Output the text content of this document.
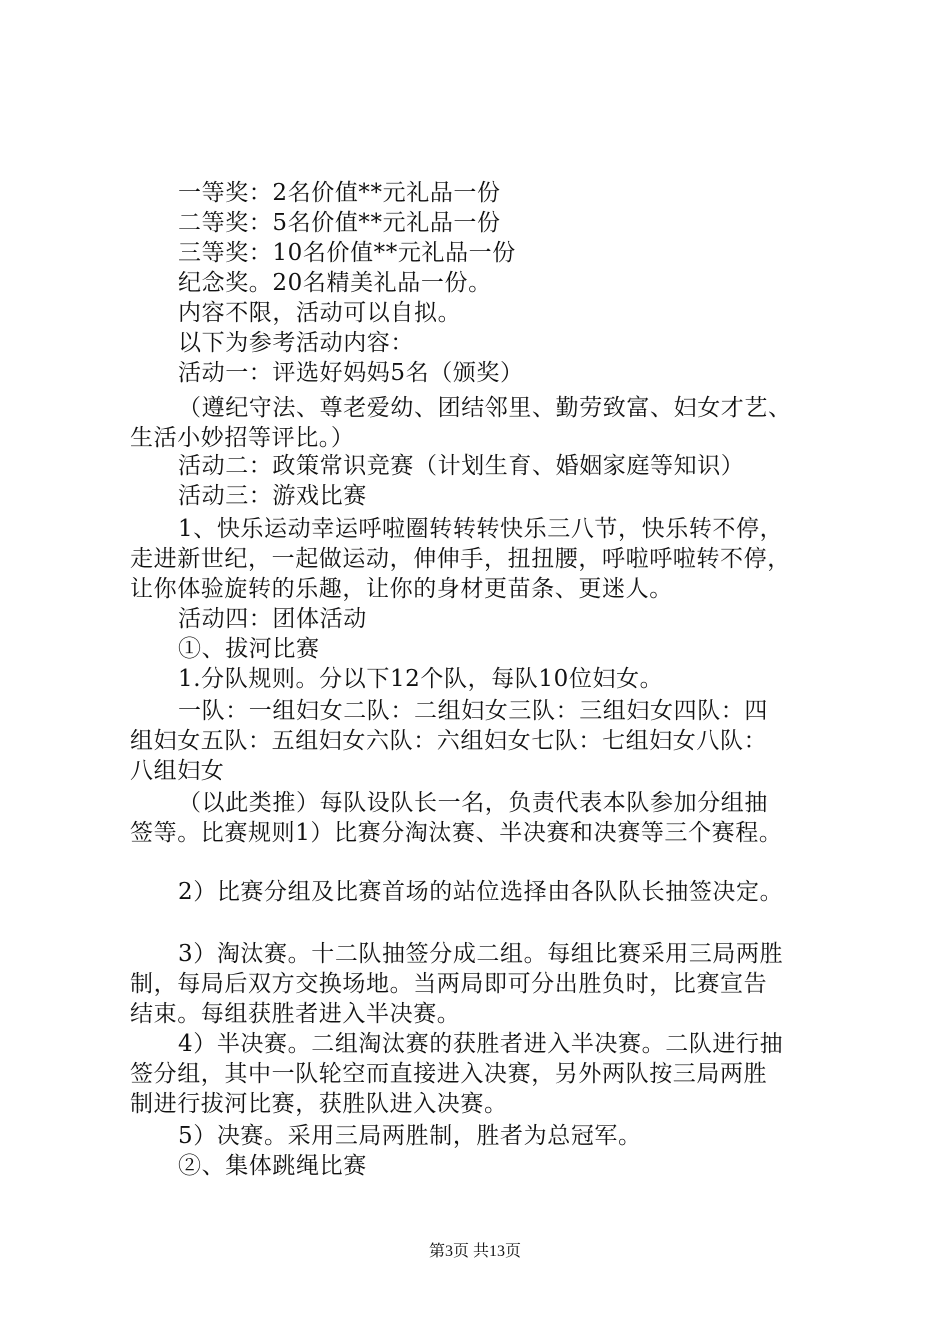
一等奖：2名价值**元礼品一份
二等奖：5名价值**元礼品一份
三等奖：10名价值**元礼品一份
纪念奖。20名精美礼品一份。
内容不限，活动可以自拟。
以下为参考活动内容：
活动一：评选好妈妈5名（颁奖）
（遵纪守法、尊老爱幼、团结邻里、勤劳致富、妇女才艺、
生活小妙招等评比。）
活动二：政策常识竞赛（计划生育、婚姻家庭等知识）
活动三：游戏比赛
1、快乐运动幸运呼啦圈转转转快乐三八节，快乐转不停，
走进新世纪，一起做运动，伸伸手，扭扭腰，呼啦呼啦转不停，
让你体验旋转的乐趣，让你的身材更苗条、更迷人。
活动四：团体活动
①、拔河比赛
1.分队规则。分以下12个队，每队10位妇女。
一队：一组妇女二队：二组妇女三队：三组妇女四队：四
组妇女五队：五组妇女六队：六组妇女七队：七组妇女八队：
八组妇女
（以此类推）每队设队长一名，负责代表本队参加分组抽
签等。比赛规则1）比赛分淘汰赛、半决赛和决赛等三个赛程。
2）比赛分组及比赛首场的站位选择由各队队长抽签决定。
3）淘汰赛。十二队抽签分成二组。每组比赛采用三局两胜
制，每局后双方交换场地。当两局即可分出胜负时，比赛宣告
结束。每组获胜者进入半决赛。
4）半决赛。二组淘汰赛的获胜者进入半决赛。二队进行抽
签分组，其中一队轮空而直接进入决赛，另外两队按三局两胜
制进行拔河比赛，获胜队进入决赛。
5）决赛。采用三局两胜制，胜者为总冠军。
②、集体跳绳比赛
第3页 共13页
